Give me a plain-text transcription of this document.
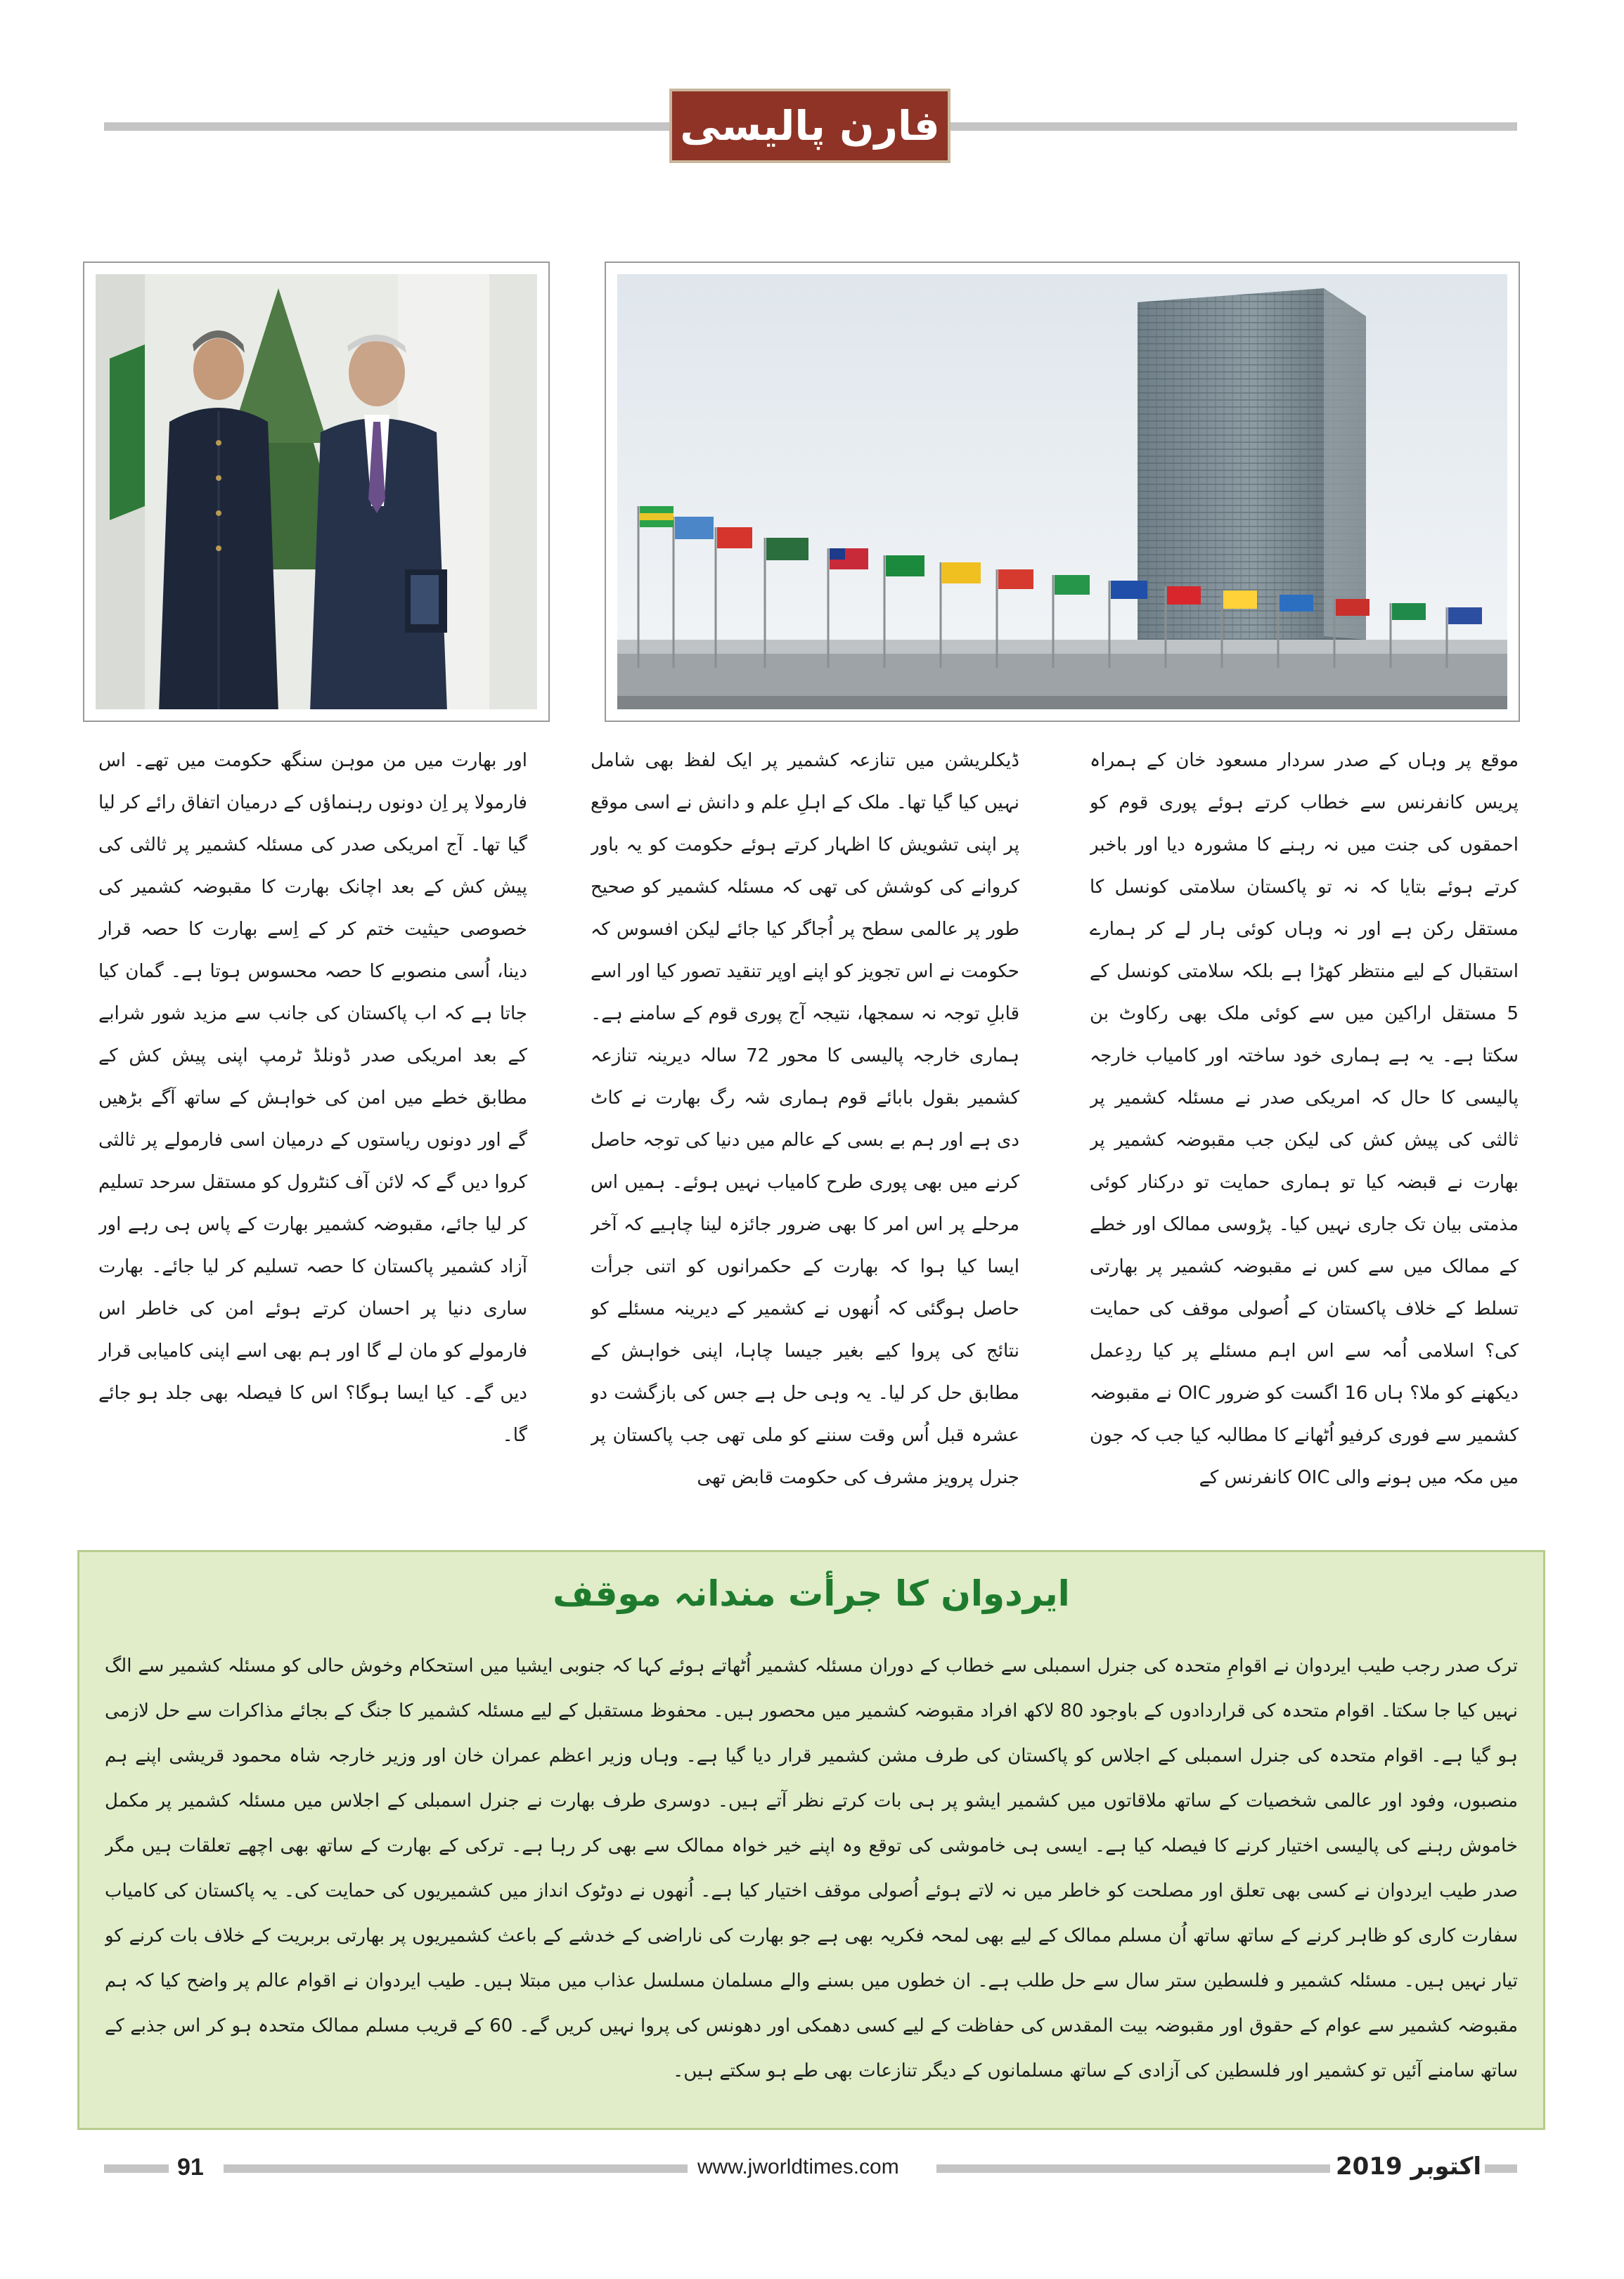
فارن پالیسی

موقع پر وہاں کے صدر سردار مسعود خان کے ہمراہ پریس کانفرنس سے خطاب کرتے ہوئے پوری قوم کو احمقوں کی جنت میں نہ رہنے کا مشورہ دیا اور باخبر کرتے ہوئے بتایا کہ نہ تو پاکستان سلامتی کونسل کا مستقل رکن ہے اور نہ وہاں کوئی ہار لے کر ہمارے استقبال کے لیے منتظر کھڑا ہے بلکہ سلامتی کونسل کے 5 مستقل اراکین میں سے کوئی ملک بھی رکاوٹ بن سکتا ہے۔ یہ ہے ہماری خود ساختہ اور کامیاب خارجہ پالیسی کا حال کہ امریکی صدر نے مسئلہ کشمیر پر ثالثی کی پیش کش کی لیکن جب مقبوضہ کشمیر پر بھارت نے قبضہ کیا تو ہماری حمایت تو درکنار کوئی مذمتی بیان تک جاری نہیں کیا۔ پڑوسی ممالک اور خطے کے ممالک میں سے کس نے مقبوضہ کشمیر پر بھارتی تسلط کے خلاف پاکستان کے اُصولی موقف کی حمایت کی؟ اسلامی اُمہ سے اس اہم مسئلے پر کیا ردِعمل دیکھنے کو ملا؟ ہاں 16 اگست کو ضرور OIC نے مقبوضہ کشمیر سے فوری کرفیو اُٹھانے کا مطالبہ کیا جب کہ جون میں مکہ میں ہونے والی OIC کانفرنس کے

ڈیکلریشن میں تنازعہ کشمیر پر ایک لفظ بھی شامل نہیں کیا گیا تھا۔ ملک کے اہلِ علم و دانش نے اسی موقع پر اپنی تشویش کا اظہار کرتے ہوئے حکومت کو یہ باور کروانے کی کوشش کی تھی کہ مسئلہ کشمیر کو صحیح طور پر عالمی سطح پر اُجاگر کیا جائے لیکن افسوس کہ حکومت نے اس تجویز کو اپنے اوپر تنقید تصور کیا اور اسے قابلِ توجہ نہ سمجھا، نتیجہ آج پوری قوم کے سامنے ہے۔ ہماری خارجہ پالیسی کا محور 72 سالہ دیرینہ تنازعہ کشمیر بقول بابائے قوم ہماری شہ رگ بھارت نے کاٹ دی ہے اور ہم بے بسی کے عالم میں دنیا کی توجہ حاصل کرنے میں بھی پوری طرح کامیاب نہیں ہوئے۔ ہمیں اس مرحلے پر اس امر کا بھی ضرور جائزہ لینا چاہیے کہ آخر ایسا کیا ہوا کہ بھارت کے حکمرانوں کو اتنی جرأت حاصل ہوگئی کہ اُنھوں نے کشمیر کے دیرینہ مسئلے کو نتائج کی پروا کیے بغیر جیسا چاہا، اپنی خواہش کے مطابق حل کر لیا۔ یہ وہی حل ہے جس کی بازگشت دو عشرہ قبل اُس وقت سننے کو ملی تھی جب پاکستان پر جنرل پرویز مشرف کی حکومت قابض تھی

اور بھارت میں من موہن سنگھ حکومت میں تھے۔ اس فارمولا پر اِن دونوں رہنماؤں کے درمیان اتفاق رائے کر لیا گیا تھا۔ آج امریکی صدر کی مسئلہ کشمیر پر ثالثی کی پیش کش کے بعد اچانک بھارت کا مقبوضہ کشمیر کی خصوصی حیثیت ختم کر کے اِسے بھارت کا حصہ قرار دینا، اُسی منصوبے کا حصہ محسوس ہوتا ہے۔ گمان کیا جاتا ہے کہ اب پاکستان کی جانب سے مزید شور شرابے کے بعد امریکی صدر ڈونلڈ ٹرمپ اپنی پیش کش کے مطابق خطے میں امن کی خواہش کے ساتھ آگے بڑھیں گے اور دونوں ریاستوں کے درمیان اسی فارمولے پر ثالثی کروا دیں گے کہ لائن آف کنٹرول کو مستقل سرحد تسلیم کر لیا جائے، مقبوضہ کشمیر بھارت کے پاس ہی رہے اور آزاد کشمیر پاکستان کا حصہ تسلیم کر لیا جائے۔ بھارت ساری دنیا پر احسان کرتے ہوئے امن کی خاطر اس فارمولے کو مان لے گا اور ہم بھی اسے اپنی کامیابی قرار دیں گے۔ کیا ایسا ہوگا؟ اس کا فیصلہ بھی جلد ہو جائے گا۔

ایردوان کا جرأت مندانہ موقف
ترک صدر رجب طیب ایردوان نے اقوامِ متحدہ کی جنرل اسمبلی سے خطاب کے دوران مسئلہ کشمیر اُٹھاتے ہوئے کہا کہ جنوبی ایشیا میں استحکام وخوش حالی کو مسئلہ کشمیر سے الگ نہیں کیا جا سکتا۔ اقوام متحدہ کی قراردادوں کے باوجود 80 لاکھ افراد مقبوضہ کشمیر میں محصور ہیں۔ محفوظ مستقبل کے لیے مسئلہ کشمیر کا جنگ کے بجائے مذاکرات سے حل لازمی ہو گیا ہے۔ اقوام متحدہ کی جنرل اسمبلی کے اجلاس کو پاکستان کی طرف مشن کشمیر قرار دیا گیا ہے۔ وہاں وزیر اعظم عمران خان اور وزیر خارجہ شاہ محمود قریشی اپنے ہم منصبوں، وفود اور عالمی شخصیات کے ساتھ ملاقاتوں میں کشمیر ایشو پر ہی بات کرتے نظر آتے ہیں۔ دوسری طرف بھارت نے جنرل اسمبلی کے اجلاس میں مسئلہ کشمیر پر مکمل خاموش رہنے کی پالیسی اختیار کرنے کا فیصلہ کیا ہے۔ ایسی ہی خاموشی کی توقع وہ اپنے خیر خواہ ممالک سے بھی کر رہا ہے۔ ترکی کے بھارت کے ساتھ بھی اچھے تعلقات ہیں مگر صدر طیب ایردوان نے کسی بھی تعلق اور مصلحت کو خاطر میں نہ لاتے ہوئے اُصولی موقف اختیار کیا ہے۔ اُنھوں نے دوٹوک انداز میں کشمیریوں کی حمایت کی۔ یہ پاکستان کی کامیاب سفارت کاری کو ظاہر کرنے کے ساتھ ساتھ اُن مسلم ممالک کے لیے بھی لمحہ فکریہ بھی ہے جو بھارت کی ناراضی کے خدشے کے باعث کشمیریوں پر بھارتی بربریت کے خلاف بات کرنے کو تیار نہیں ہیں۔ مسئلہ کشمیر و فلسطین ستر سال سے حل طلب ہے۔ ان خطوں میں بسنے والے مسلمان مسلسل عذاب میں مبتلا ہیں۔ طیب ایردوان نے اقوام عالم پر واضح کیا کہ ہم مقبوضہ کشمیر سے عوام کے حقوق اور مقبوضہ بیت المقدس کی حفاظت کے لیے کسی دھمکی اور دھونس کی پروا نہیں کریں گے۔ 60 کے قریب مسلم ممالک متحدہ ہو کر اس جذبے کے ساتھ سامنے آئیں تو کشمیر اور فلسطین کی آزادی کے ساتھ مسلمانوں کے دیگر تنازعات بھی طے ہو سکتے ہیں۔
91	www.jworldtimes.com	اکتوبر 2019
